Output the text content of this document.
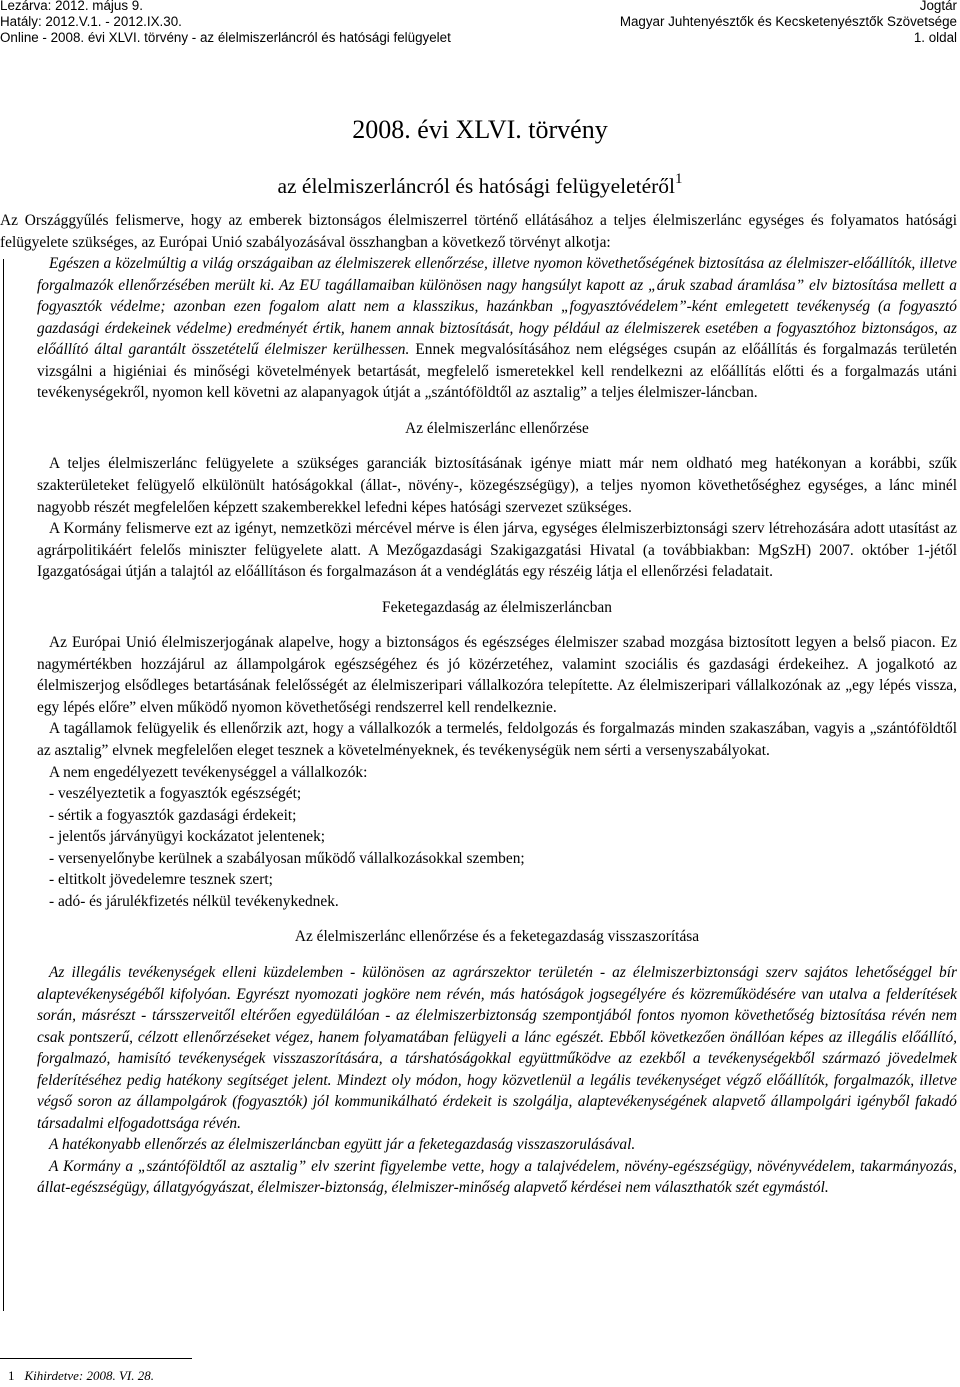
Lezárva: 2012. május 9.
Hatály: 2012.V.1. - 2012.IX.30.
Online - 2008. évi XLVI. törvény - az élelmiszerláncról és hatósági felügyelet
Jogtár
Magyar Juhtenyésztők és Kecsketenyésztők Szövetsége
1. oldal
2008. évi XLVI. törvény
az élelmiszerláncról és hatósági felügyeletéről$^1$

Az Országgyűlés felismerve, hogy az emberek biztonságos élelmiszerrel történő ellátásához a teljes élelmiszerlánc egységes és folyamatos hatósági felügyelete szükséges, az Európai Unió szabályozásával összhangban a következő törvényt alkotja:

Egészen a közelmúltig a világ országaiban az élelmiszerek ellenőrzése, illetve nyomon követhetőségének biztosítása az élelmiszer-előállítók, illetve forgalmazók ellenőrzésében merült ki. Az EU tagállamaiban különösen nagy hangsúlyt kapott az „áruk szabad áramlása” elv biztosítása mellett a fogyasztók védelme; azonban ezen fogalom alatt nem a klasszikus, hazánkban „fogyasztóvédelem”-ként emlegetett tevékenység (a fogyasztó gazdasági érdekeinek védelme) eredményét értik, hanem annak biztosítását, hogy például az élelmiszerek esetében a fogyasztóhoz biztonságos, az előállító által garantált összetételű élelmiszer kerülhessen. Ennek megvalósításához nem elégséges csupán az előállítás és forgalmazás területén vizsgálni a higiéniai és minőségi követelmények betartását, megfelelő ismeretekkel kell rendelkezni az előállítás előtti és a forgalmazás utáni tevékenységekről, nyomon kell követni az alapanyagok útját a „szántóföldtől az asztalig” a teljes élelmiszer-láncban.

Az élelmiszerlánc ellenőrzése

A teljes élelmiszerlánc felügyelete a szükséges garanciák biztosításának igénye miatt már nem oldható meg hatékonyan a korábbi, szűk szakterületeket felügyelő elkülönült hatóságokkal (állat-, növény-, közegészségügy), a teljes nyomon követhetőséghez egységes, a lánc minél nagyobb részét megfelelően képzett szakemberekkel lefedni képes hatósági szervezet szükséges.

A Kormány felismerve ezt az igényt, nemzetközi mércével mérve is élen járva, egységes élelmiszerbiztonsági szerv létrehozására adott utasítást az agrárpolitikáért felelős miniszter felügyelete alatt. A Mezőgazdasági Szakigazgatási Hivatal (a továbbiakban: MgSzH) 2007. október 1-jétől Igazgatóságai útján a talajtól az előállításon és forgalmazáson át a vendéglátás egy részéig látja el ellenőrzési feladatait.

Feketegazdaság az élelmiszerláncban

Az Európai Unió élelmiszerjogának alapelve, hogy a biztonságos és egészséges élelmiszer szabad mozgása biztosított legyen a belső piacon. Ez nagymértékben hozzájárul az állampolgárok egészségéhez és jó közérzetéhez, valamint szociális és gazdasági érdekeihez. A jogalkotó az élelmiszerjog elsődleges betartásának felelősségét az élelmiszeripari vállalkozóra telepítette. Az élelmiszeripari vállalkozónak az „egy lépés vissza, egy lépés előre” elven működő nyomon követhetőségi rendszerrel kell rendelkeznie.

A tagállamok felügyelik és ellenőrzik azt, hogy a vállalkozók a termelés, feldolgozás és forgalmazás minden szakaszában, vagyis a „szántóföldtől az asztalig” elvnek megfelelően eleget tesznek a követelményeknek, és tevékenységük nem sérti a versenyszabályokat.

A nem engedélyezett tevékenységgel a vállalkozók:

- veszélyeztetik a fogyasztók egészségét;

- sértik a fogyasztók gazdasági érdekeit;

- jelentős járványügyi kockázatot jelentenek;

- versenyelőnybe kerülnek a szabályosan működő vállalkozásokkal szemben;

- eltitkolt jövedelemre tesznek szert;

- adó- és járulékfizetés nélkül tevékenykednek.

Az élelmiszerlánc ellenőrzése és a feketegazdaság visszaszorítása

Az illegális tevékenységek elleni küzdelemben - különösen az agrárszektor területén - az élelmiszerbiztonsági szerv sajátos lehetőséggel bír alaptevékenységéből kifolyóan. Egyrészt nyomozati jogköre nem révén, más hatóságok jogsegélyére és közreműködésére van utalva a felderítések során, másrészt - társszerveitől eltérően egyedülálóan - az élelmiszerbiztonság szempontjából fontos nyomon követhetőség biztosítása révén nem csak pontszerű, célzott ellenőrzéseket végez, hanem folyamatában felügyeli a lánc egészét. Ebből következően önállóan képes az illegális előállító, forgalmazó, hamisító tevékenységek visszaszorítására, a társhatóságokkal együttműködve az ezekből a tevékenységekből származó jövedelmek felderítéséhez pedig hatékony segítséget jelent. Mindezt oly módon, hogy közvetlenül a legális tevékenységet végző előállítók, forgalmazók, illetve végső soron az állampolgárok (fogyasztók) jól kommunikálható érdekeit is szolgálja, alaptevékenységének alapvető állampolgári igényből fakadó társadalmi elfogadottsága révén.

A hatékonyabb ellenőrzés az élelmiszerláncban együtt jár a feketegazdaság visszaszorulásával.

A Kormány a „szántóföldtől az asztalig” elv szerint figyelembe vette, hogy a talajvédelem, növény-egészségügy, növényvédelem, takarmányozás, állat-egészségügy, állatgyógyászat, élelmiszer-biztonság, élelmiszer-minőség alapvető kérdései nem választhatók szét egymástól.

1 Kihirdetve: 2008. VI. 28.
